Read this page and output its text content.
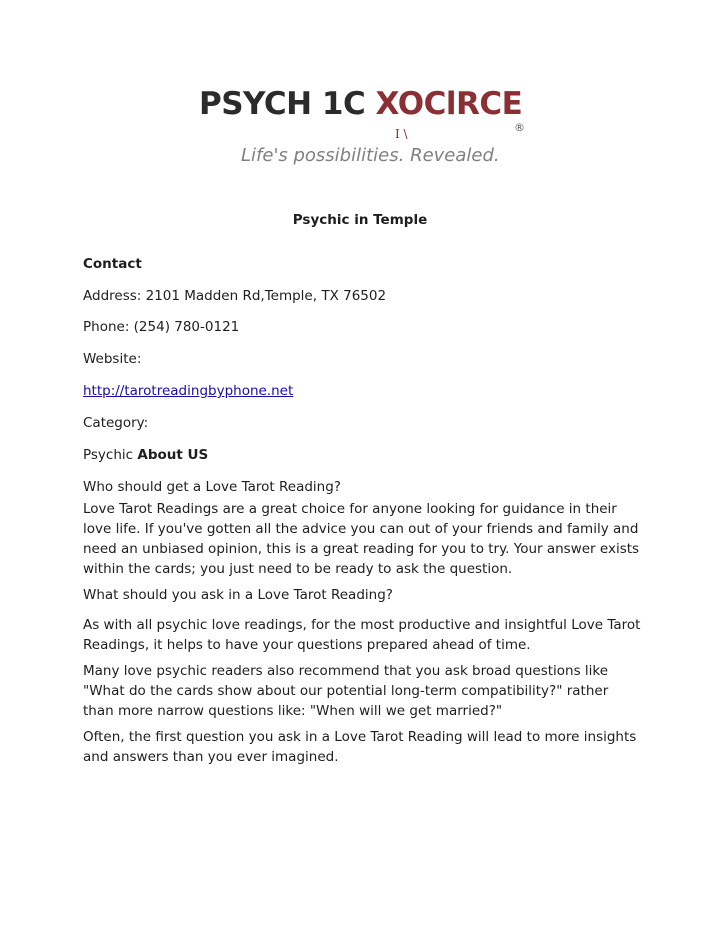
PSYCH 1C XOClRCE
I \	®
Life's possibilities. Revealed.
Psychic in Temple

Contact

Address: 2101 Madden Rd,Temple, TX 76502

Phone: (254) 780-0121

Website:

http://tarotreadingbyphone.net

Category:

Psychic About US

Who should get a Love Tarot Reading?

Love Tarot Readings are a great choice for anyone looking for guidance in their love life. If you've gotten all the advice you can out of your friends and family and need an unbiased opinion, this is a great reading for you to try. Your answer exists within the cards; you just need to be ready to ask the question.

What should you ask in a Love Tarot Reading?

As with all psychic love readings, for the most productive and insightful Love Tarot Readings, it helps to have your questions prepared ahead of time.

Many love psychic readers also recommend that you ask broad questions like "What do the cards show about our potential long-term compatibility?" rather than more narrow questions like: "When will we get married?"

Often, the first question you ask in a Love Tarot Reading will lead to more insights and answers than you ever imagined.
